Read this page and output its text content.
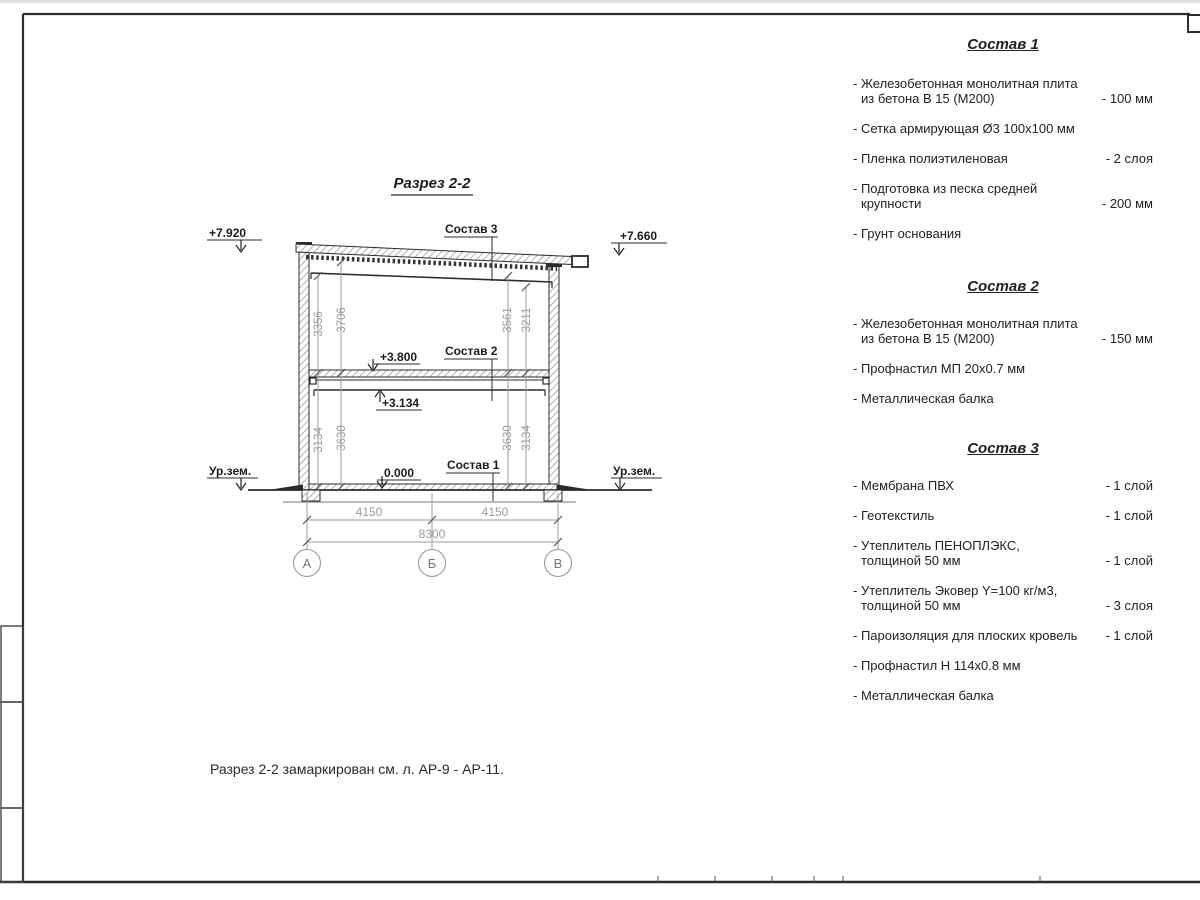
Разрез 2-2
+7.920	+7.660
+3.800
+3.134
0.000
Ур.зем.	Ур.зем.
Состав 3
Состав 2
Состав 1
3356 3706	3561 3211
3134 3630	3630 3134
4150	4150
8300
А	Б	В
Состав 1
- Железобетонная монолитная плита
из бетона В 15 (М200)	- 100 мм
- Сетка армирующая Ø3 100х100 мм
- Пленка полиэтиленовая	- 2 слоя
- Подготовка из песка средней
крупности	- 200 мм
- Грунт основания
Состав 2
- Железобетонная монолитная плита
из бетона В 15 (М200)	- 150 мм
- Профнастил МП 20х0.7 мм
- Металлическая балка
Состав 3
- Мембрана ПВХ	- 1 слой
- Геотекстиль	- 1 слой
- Утеплитель ПЕНОПЛЭКС,
толщиной 50 мм	- 1 слой
- Утеплитель Эковер Y=100 кг/м3,
толщиной 50 мм	- 3 слоя
- Пароизоляция для плоских кровель	- 1 слой
- Профнастил Н 114х0.8 мм
- Металлическая балка
Разрез 2-2 замаркирован см. л. АР-9 - АР-11.
